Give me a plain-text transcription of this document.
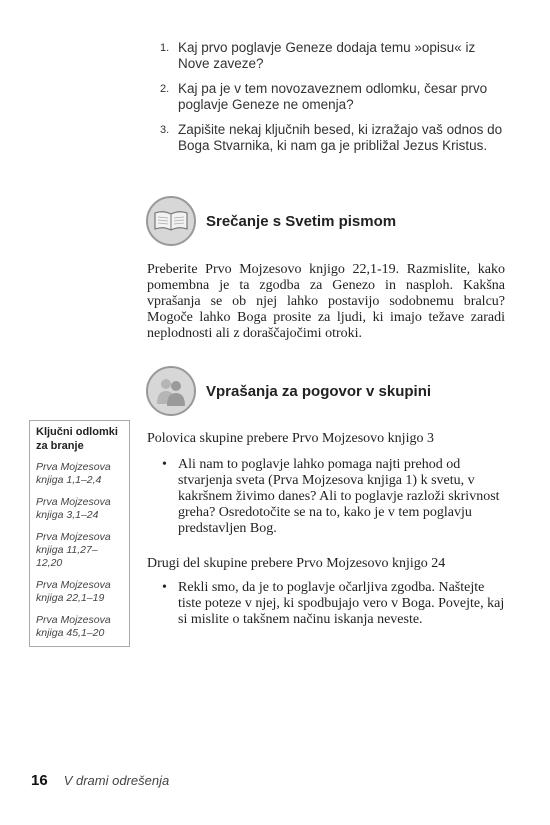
1. Kaj prvo poglavje Geneze dodaja temu »opisu« iz Nove zaveze?
2. Kaj pa je v tem novozaveznem odlomku, česar prvo poglavje Geneze ne omenja?
3. Zapišite nekaj ključnih besed, ki izražajo vaš odnos do Boga Stvarnika, ki nam ga je približal Jezus Kristus.
Srečanje s Svetim pismom

Preberite Prvo Mojzesovo knjigo 22,1-19. Razmislite, kako pomembna je ta zgodba za Genezo in nasploh. Kakšna vprašanja se ob njej lahko postavijo sodobnemu bralcu? Mogoče lahko Boga prosite za ljudi, ki imajo težave zaradi neplodnosti ali z doraščajočimi otroki.

Vprašanja za pogovor v skupini
Ključni odlomki za branje
Prva Mojzesova knjiga 1,1–2,4
Prva Mojzesova knjiga 3,1–24
Prva Mojzesova knjiga 11,27–12,20
Prva Mojzesova knjiga 22,1–19
Prva Mojzesova knjiga 45,1–20

Polovica skupine prebere Prvo Mojzesovo knjigo 3

• Ali nam to poglavje lahko pomaga najti prehod od stvarjenja sveta (Prva Mojzesova knjiga 1) k svetu, v kakršnem živimo danes? Ali to poglavje razloži skrivnost greha? Osredotočite se na to, kako je v tem poglavju predstavljen Bog.

Drugi del skupine prebere Prvo Mojzesovo knjigo 24

• Rekli smo, da je to poglavje očarljiva zgodba. Naštejte tiste poteze v njej, ki spodbujajo vero v Boga. Povejte, kaj si mislite o takšnem načinu iskanja neveste.
16 V drami odrešenja
